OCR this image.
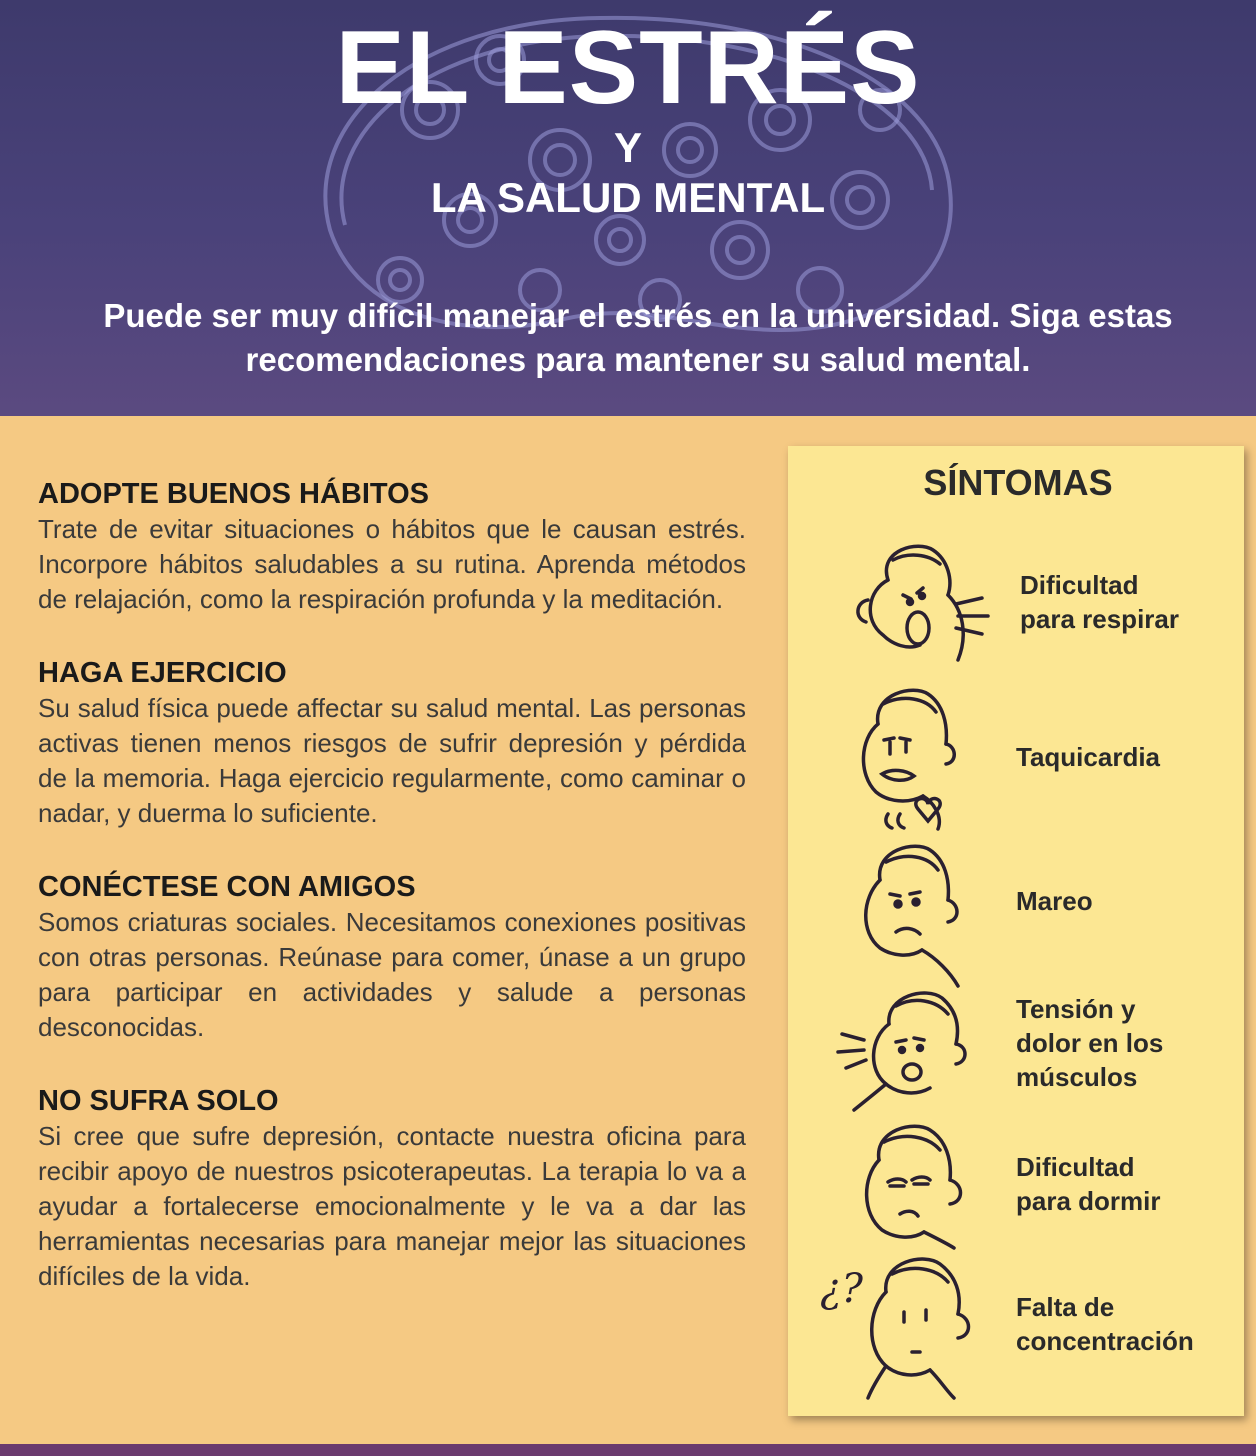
EL ESTRÉS
Y
LA SALUD MENTAL
Puede ser muy difícil manejar el estrés en la universidad. Siga estas recomendaciones para mantener su salud mental.
ADOPTE BUENOS HÁBITOS

Trate de evitar situaciones o hábitos que le causan estrés. Incorpore hábitos saludables a su rutina. Aprenda métodos de relajación, como la respiración profunda y la meditación.

HAGA EJERCICIO

Su salud física puede affectar su salud mental. Las personas activas tienen menos riesgos de sufrir depresión y pérdida de la memoria. Haga ejercicio regularmente, como caminar o nadar, y duerma lo suficiente.

CONÉCTESE CON AMIGOS

Somos criaturas sociales. Necesitamos conexiones positivas con otras personas. Reúnase para comer, únase a un grupo para participar en actividades y salude a personas desconocidas.

NO SUFRA SOLO

Si cree que sufre depresión, contacte nuestra oficina para recibir apoyo de nuestros psicoterapeutas. La terapia lo va a ayudar a fortalecerse emocionalmente y le va a dar las herramientas necesarias para manejar mejor las situaciones difíciles de la vida.

SÍNTOMAS
Dificultad
para respirar
Taquicardia
Mareo
Tensión y
dolor en los
músculos
Dificultad
para dormir
¿?	Falta de
concentración
